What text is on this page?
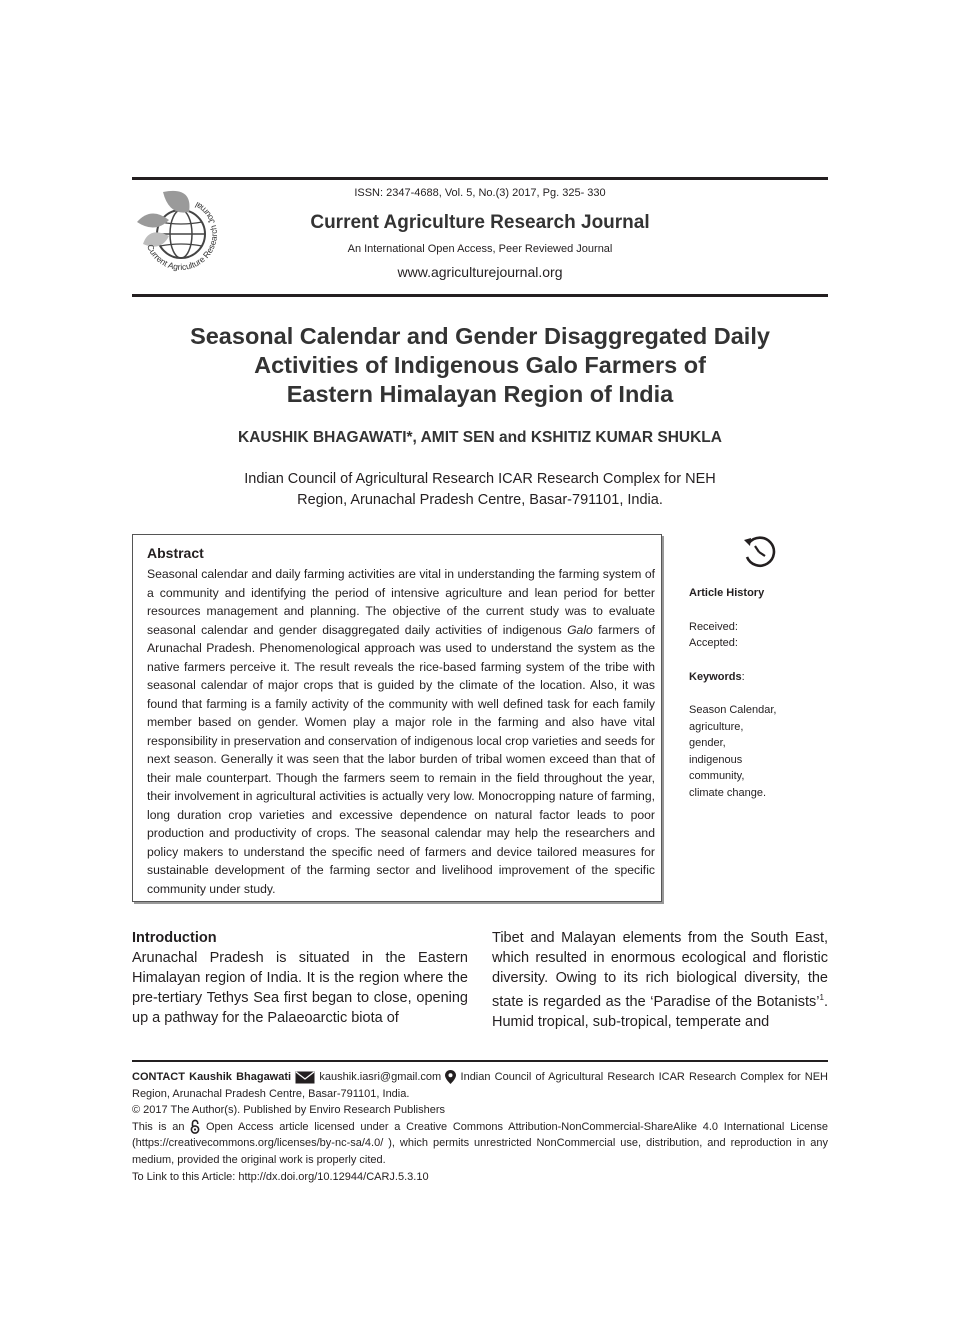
Current Agriculture Research Journal
ISSN: 2347-4688, Vol. 5, No.(3) 2017, Pg. 325- 330
Current Agriculture Research Journal
An International Open Access, Peer Reviewed Journal
www.agriculturejournal.org
Seasonal Calendar and Gender Disaggregated Daily
Activities of Indigenous Galo Farmers of
Eastern Himalayan Region of India
KAUSHIK BHAGAWATI*, AMIT SEN and KSHITIZ KUMAR SHUKLA
Indian Council of Agricultural Research ICAR Research Complex for NEH
Region, Arunachal Pradesh Centre, Basar-791101, India.
Abstract
Seasonal calendar and daily farming activities are vital in understanding the farming system of a community and identifying the period of intensive agriculture and lean period for better resources management and planning. The objective of the current study was to evaluate seasonal calendar and gender disaggregated daily activities of indigenous Galo farmers of Arunachal Pradesh. Phenomenological approach was used to understand the system as the native farmers perceive it. The result reveals the rice-based farming system of the tribe with seasonal calendar of major crops that is guided by the climate of the location. Also, it was found that farming is a family activity of the community with well defined task for each family member based on gender. Women play a major role in the farming and also have vital responsibility in preservation and conservation of indigenous local crop varieties and seeds for next season. Generally it was seen that the labor burden of tribal women exceed than that of their male counterpart. Though the farmers seem to remain in the field throughout the year, their involvement in agricultural activities is actually very low. Monocropping nature of farming, long duration crop varieties and excessive dependence on natural factor leads to poor production and productivity of crops. The seasonal calendar may help the researchers and policy makers to understand the specific need of farmers and device tailored measures for sustainable development of the farming sector and livelihood improvement of the specific community under study.
Article History
Received:
Accepted:
Keywords:
Season Calendar, agriculture, gender, indigenous community, climate change.
Introduction
Arunachal Pradesh is situated in the Eastern Himalayan region of India. It is the region where the pre-tertiary Tethys Sea first began to close, opening up a pathway for the Palaeoarctic biota of
Tibet and Malayan elements from the South East, which resulted in enormous ecological and floristic diversity. Owing to its rich biological diversity, the state is regarded as the ‘Paradise of the Botanists’$^1$. Humid tropical, sub-tropical, temperate and

CONTACT Kaushik Bhagawati	kaushik.iasri@gmail.com Indian Council of Agricultural Research ICAR Research Complex for NEH Region, Arunachal Pradesh Centre, Basar-791101, India.

© 2017 The Author(s). Published by Enviro Research Publishers

This is an Open Access article licensed under a Creative Commons Attribution-NonCommercial-ShareAlike 4.0 International License (https://creativecommons.org/licenses/by-nc-sa/4.0/ ), which permits unrestricted NonCommercial use, distribution, and reproduction in any medium, provided the original work is properly cited.

To Link to this Article: http://dx.doi.org/10.12944/CARJ.5.3.10
